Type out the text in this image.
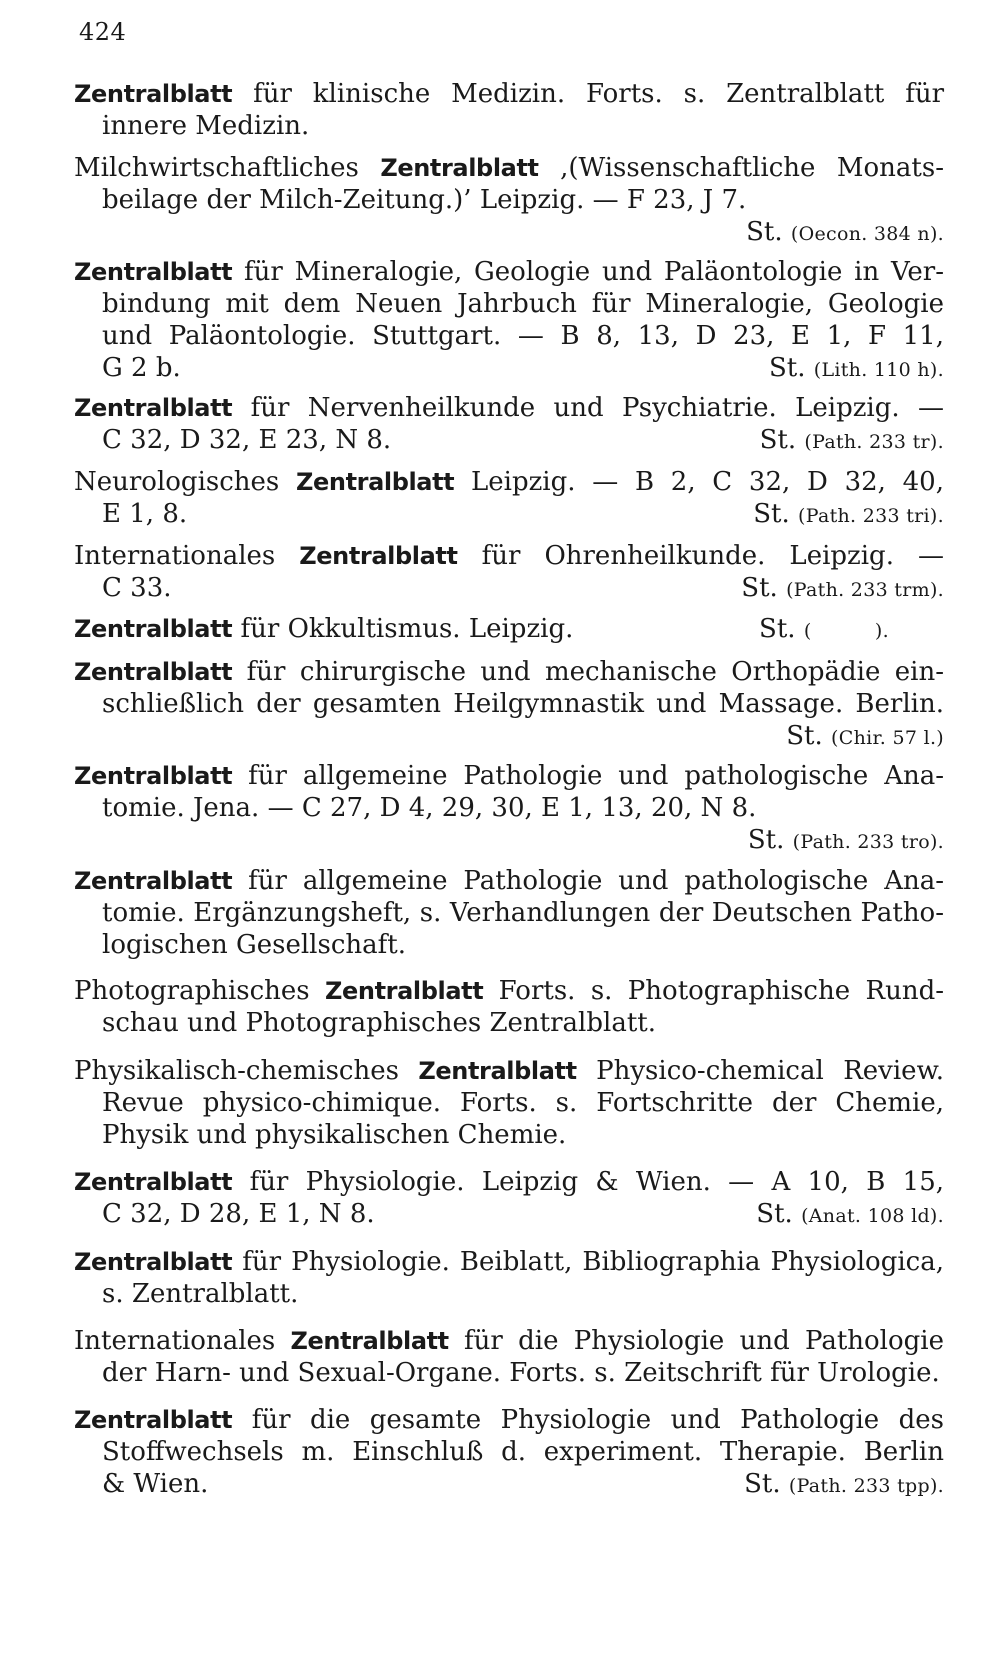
424
Zentralblatt für klinische Medizin. Forts. s. Zentralblatt für
innere Medizin.
Milchwirtschaftliches Zentralblatt ,(Wissenschaftliche Monats-
beilage der Milch-Zeitung.)’ Leipzig. — F 23, J 7.
St. (Oecon. 384 n).
Zentralblatt für Mineralogie, Geologie und Paläontologie in Ver-
bindung mit dem Neuen Jahrbuch für Mineralogie, Geologie
und Paläontologie. Stuttgart. — B 8, 13, D 23, E 1, F 11,
G 2 b.	St. (Lith. 110 h).
Zentralblatt für Nervenheilkunde und Psychiatrie. Leipzig. —
C 32, D 32, E 23, N 8.	St. (Path. 233 tr).
Neurologisches Zentralblatt Leipzig. — B 2, C 32, D 32, 40,
E 1, 8.	St. (Path. 233 tri).
Internationales Zentralblatt für Ohrenheilkunde. Leipzig. —
C 33.	St. (Path. 233 trm).
Zentralblatt für Okkultismus. Leipzig.	St. (          ).
Zentralblatt für chirurgische und mechanische Orthopädie ein-
schließlich der gesamten Heilgymnastik und Massage. Berlin.
St. (Chir. 57 l.)
Zentralblatt für allgemeine Pathologie und pathologische Ana-
tomie. Jena. — C 27, D 4, 29, 30, E 1, 13, 20, N 8.
St. (Path. 233 tro).
Zentralblatt für allgemeine Pathologie und pathologische Ana-
tomie. Ergänzungsheft, s. Verhandlungen der Deutschen Patho-
logischen Gesellschaft.
Photographisches Zentralblatt Forts. s. Photographische Rund-
schau und Photographisches Zentralblatt.
Physikalisch-chemisches Zentralblatt Physico-chemical Review.
Revue physico-chimique. Forts. s. Fortschritte der Chemie,
Physik und physikalischen Chemie.
Zentralblatt für Physiologie. Leipzig & Wien. — A 10, B 15,
C 32, D 28, E 1, N 8.	St. (Anat. 108 ld).
Zentralblatt für Physiologie. Beiblatt, Bibliographia Physiologica,
s. Zentralblatt.
Internationales Zentralblatt für die Physiologie und Pathologie
der Harn- und Sexual-Organe. Forts. s. Zeitschrift für Urologie.
Zentralblatt für die gesamte Physiologie und Pathologie des
Stoffwechsels m. Einschluß d. experiment. Therapie. Berlin
& Wien.	St. (Path. 233 tpp).
